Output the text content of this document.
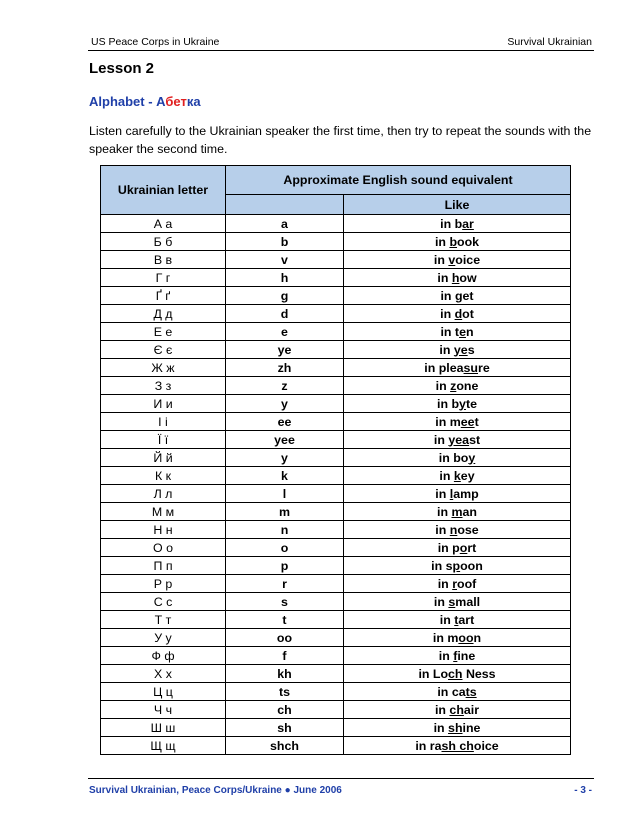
US Peace Corps in Ukraine	Survival Ukrainian
Lesson 2
Alphabet - Абетка
Listen carefully to the Ukrainian speaker the first time, then try to repeat the sounds with the speaker the second time.
Ukrainian letter	Approximate English sound equivalent	
		Like
А а	a	in bar
Б б	b	in book
В в	v	in voice
Г г	h	in how
Ґ ґ	g	in get
Д д	d	in dot
Е е	e	in ten
Є є	ye	in yes
Ж ж	zh	in pleasure
З з	z	in zone
И и	y	in byte
І і	ee	in meet
Ї ї	yee	in yeast
Й й	y	in boy
К к	k	in key
Л л	l	in lamp
М м	m	in man
Н н	n	in nose
О о	o	in port
П п	p	in spoon
Р р	r	in roof
С с	s	in small
Т т	t	in tart
У у	oo	in moon
Ф ф	f	in fine
Х х	kh	in Loch Ness
Ц ц	ts	in cats
Ч ч	ch	in chair
Ш ш	sh	in shine
Щ щ	shch	in rash choice
Survival Ukrainian, Peace Corps/Ukraine ● June 2006	- 3 -
